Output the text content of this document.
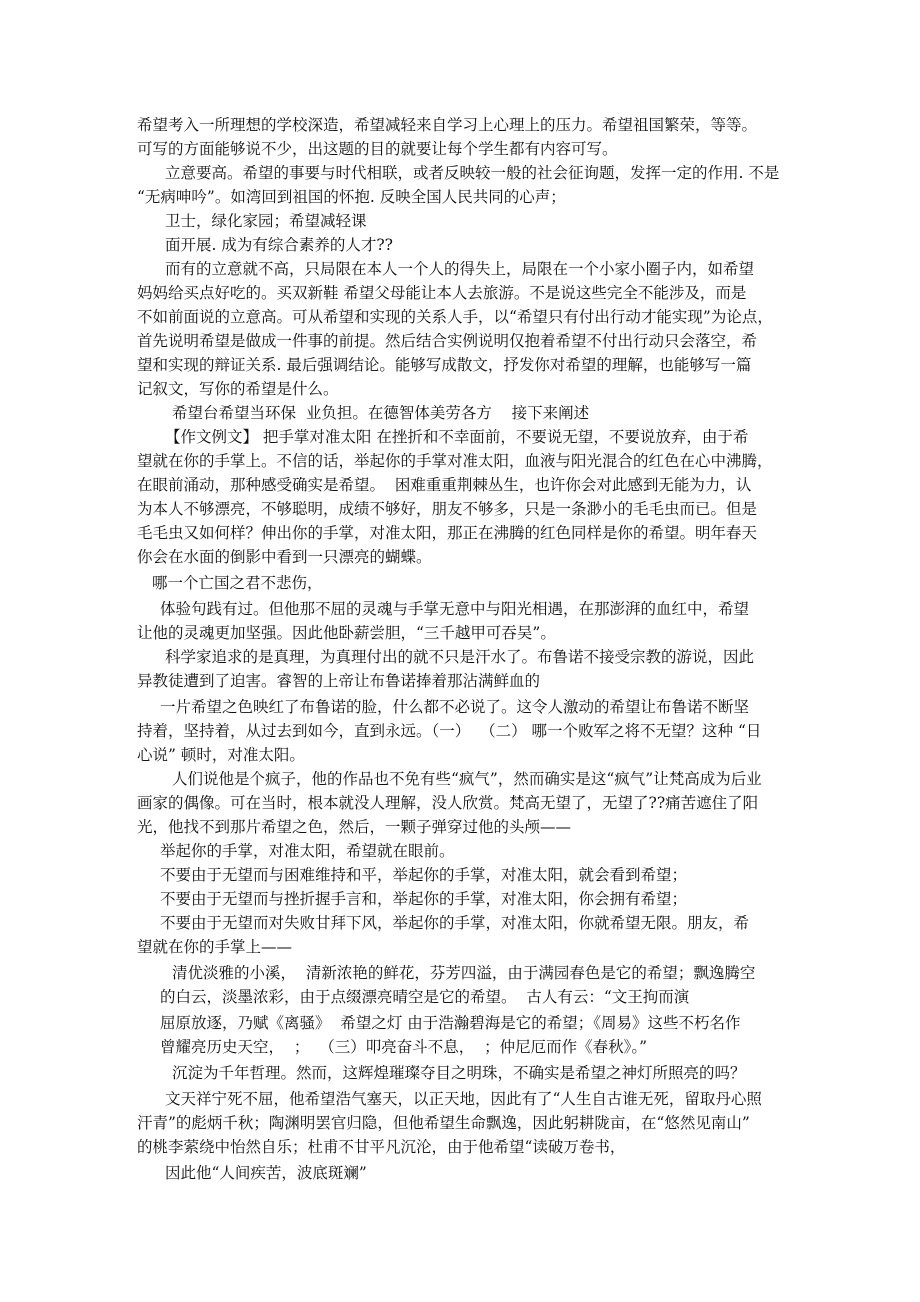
希望考入一所理想的学校深造，希望减轻来自学习上心理上的压力。希望祖国繁荣，等等。
可写的方面能够说不少，出这题的目的就要让每个学生都有内容可写。
立意要高。希望的事要与时代相联，或者反映较一般的社会征询题，发挥一定的作用. 不是
“无病呻吟”。如湾回到祖国的怀抱. 反映全国人民共同的心声；
卫士，绿化家园；希望减轻课
面开展. 成为有综合素养的人才??
而有的立意就不高，只局限在本人一个人的得失上，局限在一个小家小圈子内，如希望
妈妈给买点好吃的。买双新鞋 希望父母能让本人去旅游。不是说这些完全不能涉及，而是
不如前面说的立意高。可从希望和实现的关系人手，以“希望只有付出行动才能实现”为论点，
首先说明希望是做成一件事的前提。然后结合实例说明仅抱着希望不付出行动只会落空，希
望和实现的辩证关系. 最后强调结论。能够写成散文，抒发你对希望的理解，也能够写一篇
记叙文，写你的希望是什么。
希望台希望当环保  业负担。在德智体美劳各方    接下来阐述
【作文例文】 把手掌对准太阳 在挫折和不幸面前，不要说无望，不要说放弃，由于希
望就在你的手掌上。不信的话，举起你的手掌对准太阳，血液与阳光混合的红色在心中沸腾，
在眼前涌动，那种感受确实是希望。  困难重重荆棘丛生，也许你会对此感到无能为力，认
为本人不够漂亮，不够聪明，成绩不够好，朋友不够多，只是一条渺小的毛毛虫而已。但是
毛毛虫又如何样？伸出你的手掌，对准太阳，那正在沸腾的红色同样是你的希望。明年春天
你会在水面的倒影中看到一只漂亮的蝴蝶。
哪一个亡国之君不悲伤，
体验句践有过。但他那不屈的灵魂与手掌无意中与阳光相遇，在那澎湃的血红中，希望
让他的灵魂更加坚强。因此他卧薪尝胆，“三千越甲可吞吴”。
科学家追求的是真理，为真理付出的就不只是汗水了。布鲁诺不接受宗教的游说，因此
异教徒遭到了迫害。睿智的上帝让布鲁诺捧着那沾满鲜血的
一片希望之色映红了布鲁诺的脸，什么都不必说了。这令人激动的希望让布鲁诺不断坚
持着，坚持着，从过去到如今，直到永远。（一）  （二） 哪一个败军之将不无望？这种 “日
心说” 顿时，对准太阳。
人们说他是个疯子，他的作品也不免有些“疯气”，然而确实是这“疯气”让梵高成为后业
画家的偶像。可在当时，根本就没人理解，没人欣赏。梵高无望了，无望了??痛苦遮住了阳
光，他找不到那片希望之色，然后，一颗子弹穿过他的头颅——
举起你的手掌，对准太阳，希望就在眼前。
不要由于无望而与困难维持和平，举起你的手掌，对准太阳，就会看到希望；
不要由于无望而与挫折握手言和，举起你的手掌，对准太阳，你会拥有希望；
不要由于无望而对失败甘拜下风，举起你的手掌，对准太阳，你就希望无限。朋友，希
望就在你的手掌上——
清优淡雅的小溪，  清新浓艳的鲜花，芬芳四溢，由于满园春色是它的希望；飘逸腾空
的白云，淡墨浓彩，由于点缀漂亮晴空是它的希望。  古人有云：“文王拘而演
屈原放逐，乃赋《离骚》  希望之灯 由于浩瀚碧海是它的希望；《周易》这些不朽名作
曾耀亮历史天空，  ；  （三）叩亮奋斗不息，  ；仲尼厄而作《春秋》。”
沉淀为千年哲理。然而，这辉煌璀璨夺目之明珠，不确实是希望之神灯所照亮的吗？
文天祥宁死不屈，他希望浩气塞天，以正天地，因此有了“人生自古谁无死，留取丹心照
汗青”的彪炳千秋；陶渊明罢官归隐，但他希望生命飘逸，因此躬耕陇亩，在“悠然见南山”
的桃李萦绕中怡然自乐；杜甫不甘平凡沉沦，由于他希望“读破万卷书，
因此他“人间疾苦，波底斑斓”
